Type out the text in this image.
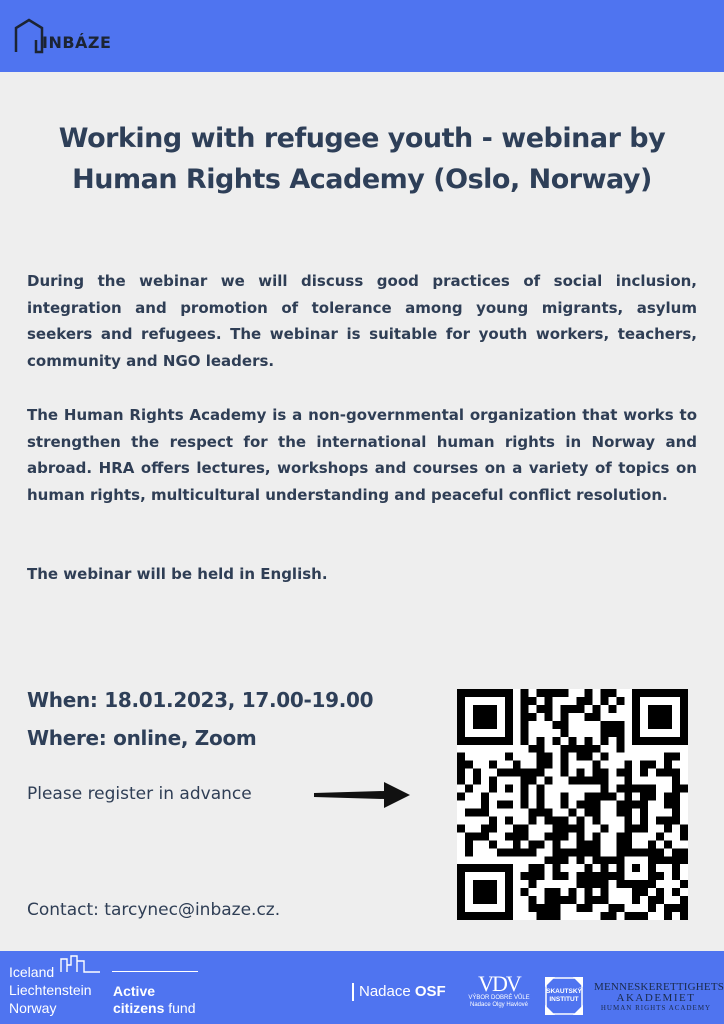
INBÁZE
Working with refugee youth - webinar by Human Rights Academy (Oslo, Norway)
During the webinar we will discuss good practices of social inclusion, integration and promotion of tolerance among young migrants, asylum seekers and refugees. The webinar is suitable for youth workers, teachers, community and NGO leaders.
The Human Rights Academy is a non-governmental organization that works to strengthen the respect for the international human rights in Norway and abroad. HRA offers lectures, workshops and courses on a variety of topics on human rights, multicultural understanding and peaceful conflict resolution.
The webinar will be held in English.
When: 18.01.2023, 17.00-19.00
Where: online, Zoom
Please register in advance
Contact: tarcynec@inbaze.cz.
Iceland
Liechtenstein
Norway
Active
citizens fund
Nadace OSF	VDV
VÝBOR DOBRÉ VŮLE
Nadace Olgy Havlové
SKAUTSKÝ
INSTITUT
MENNESKERETTIGHETS
AKADEMIET
HUMAN RIGHTS ACADEMY
